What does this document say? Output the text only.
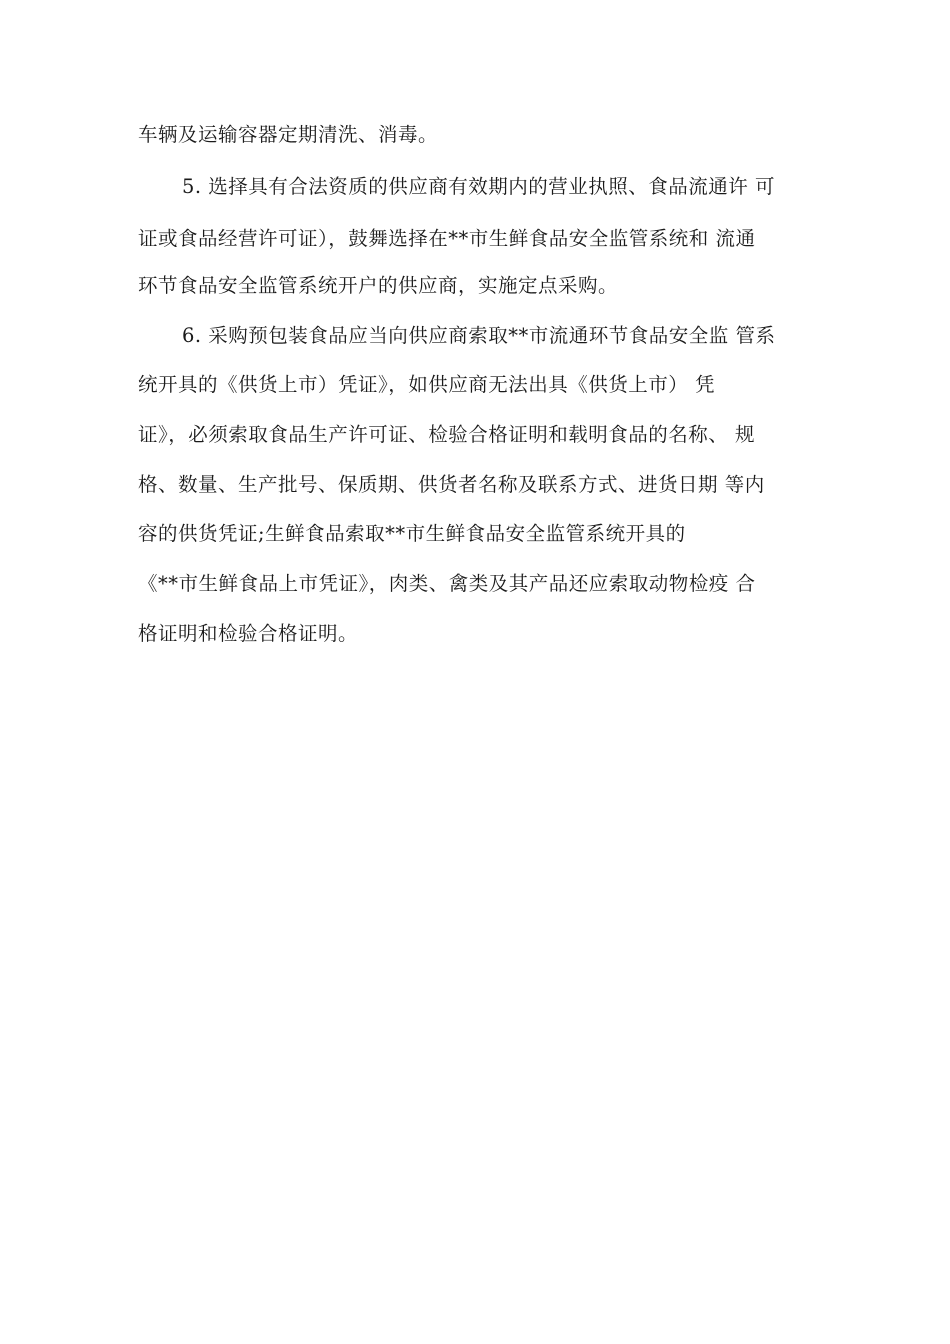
车辆及运输容器定期清洗、消毒。
5. 选择具有合法资质的供应商有效期内的营业执照、食品流通许 可
证或食品经营许可证），鼓舞选择在**市生鲜食品安全监管系统和 流通
环节食品安全监管系统开户的供应商，实施定点采购。
6. 采购预包装食品应当向供应商索取**市流通环节食品安全监 管系
统开具的《供货上市）凭证》，如供应商无法出具《供货上市） 凭
证》，必须索取食品生产许可证、检验合格证明和载明食品的名称、 规
格、数量、生产批号、保质期、供货者名称及联系方式、进货日期 等内
容的供货凭证;生鲜食品索取**市生鲜食品安全监管系统开具的
《**市生鲜食品上市凭证》，肉类、禽类及其产品还应索取动物检疫 合
格证明和检验合格证明。
